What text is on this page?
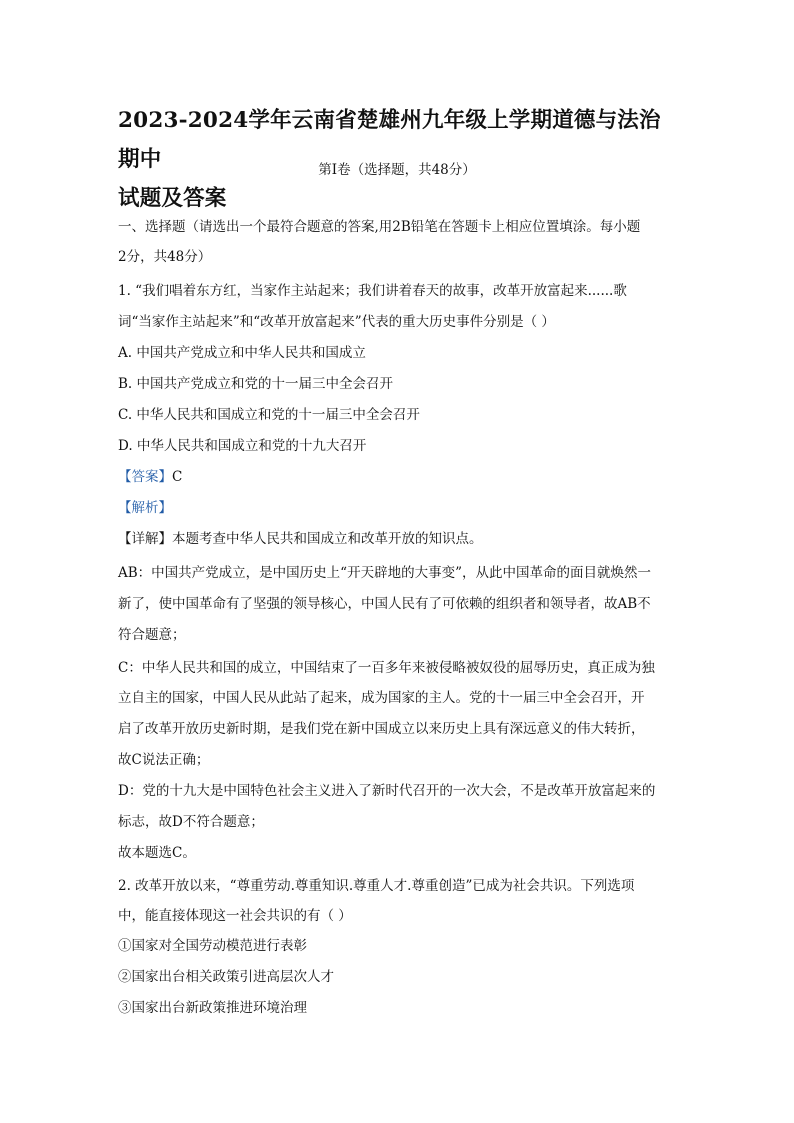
2023-2024学年云南省楚雄州九年级上学期道德与法治期中
试题及答案
第Ⅰ卷（选择题，共48分）
一、选择题（请选出一个最符合题意的答案,用2B铅笔在答题卡上相应位置填涂。每小题
2分，共48分）
1. “我们唱着东方红，当家作主站起来；我们讲着春天的故事，改革开放富起来......歌
词“当家作主站起来”和“改革开放富起来”代表的重大历史事件分别是（ ）
A. 中国共产党成立和中华人民共和国成立
B. 中国共产党成立和党的十一届三中全会召开
C. 中华人民共和国成立和党的十一届三中全会召开
D. 中华人民共和国成立和党的十九大召开
【答案】C
【解析】
【详解】本题考查中华人民共和国成立和改革开放的知识点。
AB：中国共产党成立，是中国历史上“开天辟地的大事变”，从此中国革命的面目就焕然一
新了，使中国革命有了坚强的领导核心，中国人民有了可依赖的组织者和领导者，故AB不
符合题意；
C：中华人民共和国的成立，中国结束了一百多年来被侵略被奴役的屈辱历史，真正成为独
立自主的国家，中国人民从此站了起来，成为国家的主人。党的十一届三中全会召开，开
启了改革开放历史新时期，是我们党在新中国成立以来历史上具有深远意义的伟大转折，
故C说法正确；
D：党的十九大是中国特色社会主义进入了新时代召开的一次大会，不是改革开放富起来的
标志，故D不符合题意；
故本题选C。
2. 改革开放以来，“尊重劳动.尊重知识.尊重人才.尊重创造”已成为社会共识。下列选项
中，能直接体现这一社会共识的有（ ）
①国家对全国劳动模范进行表彰
②国家出台相关政策引进高层次人才
③国家出台新政策推进环境治理
